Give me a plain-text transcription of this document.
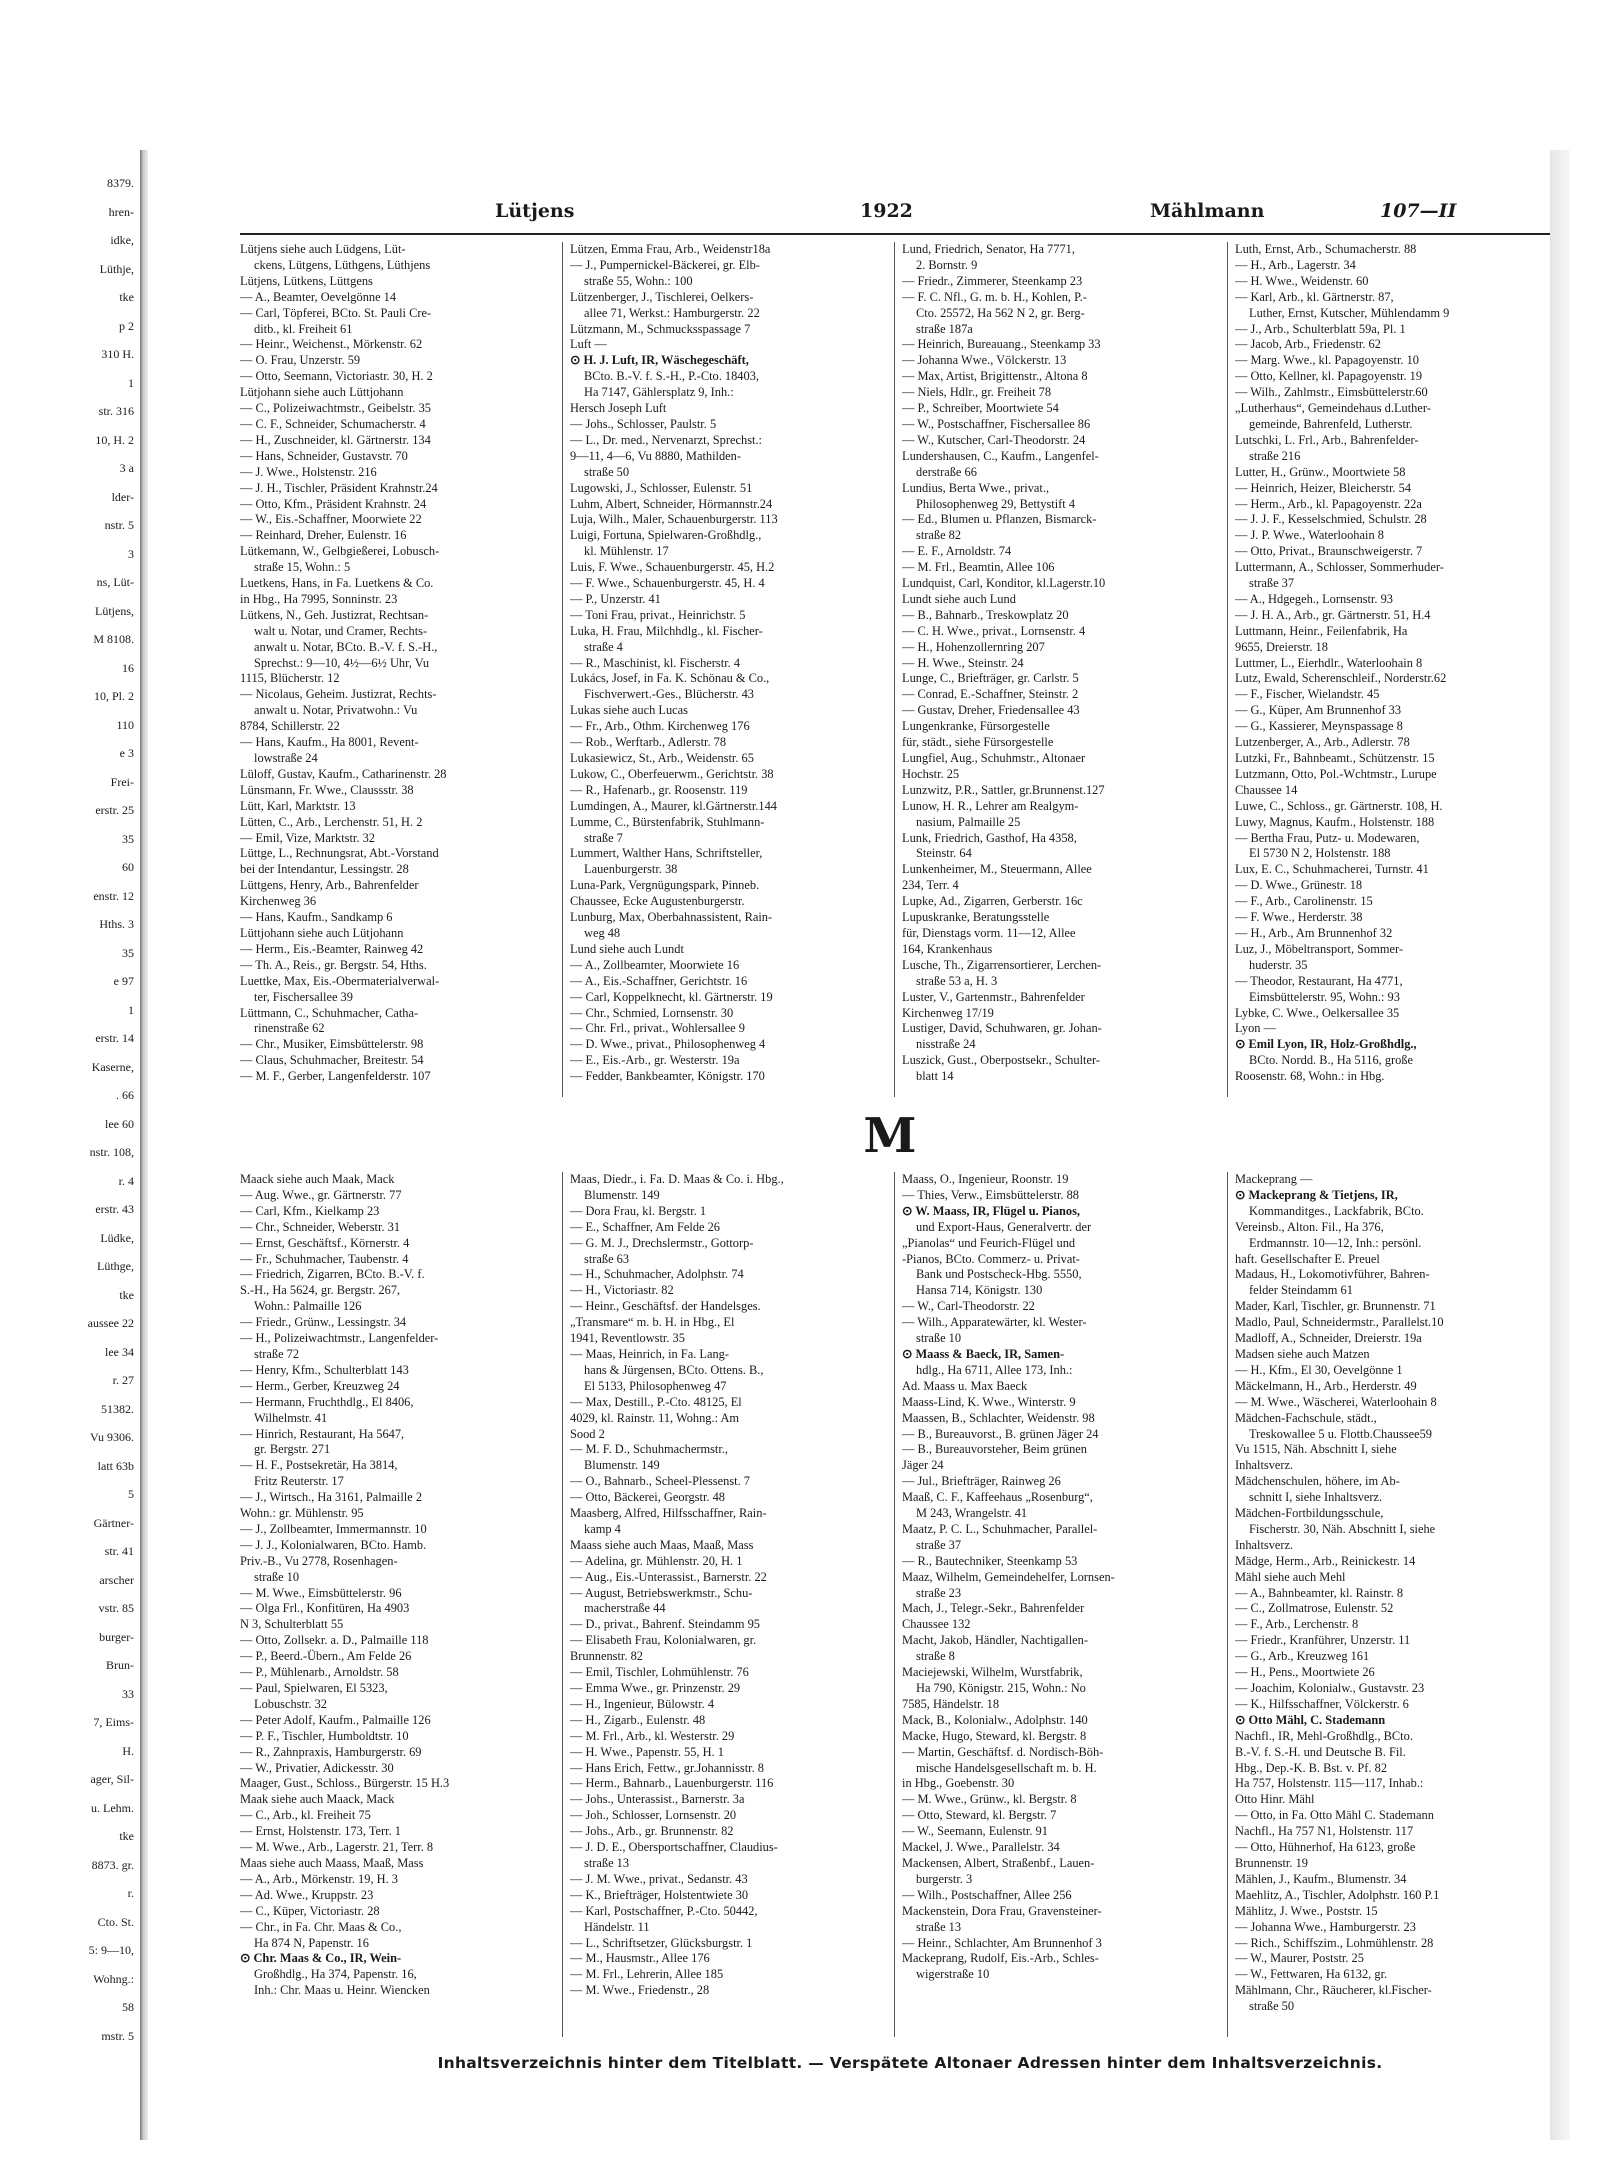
8379.
hren-
idke,
Lüthje,
tke
p 2
310 H.
1
str. 316
10, H. 2
3 a
lder-
nstr. 5
3
ns, Lüt-
Lütjens,
M 8108.
16
10, Pl. 2
110
e 3
Frei-
erstr. 25
35
60
enstr. 12
Hths. 3
35
e 97
1
erstr. 14
Kaserne,
. 66
lee 60
nstr. 108,
r. 4
erstr. 43
Lüdke,
Lüthge,
tke
aussee 22
lee 34
r. 27
51382.
Vu 9306.
latt 63b
5
Gärtner-
str. 41
arscher
vstr. 85
burger-
Brun-
33
7, Eims-
H.
ager, Sil-
u. Lehm.
tke
8873. gr.
r.
Cto. St.
5: 9—10,
Wohng.:
58
mstr. 5
Lütjens	1922	Mählmann	107—II
Lütjens siehe auch Lüdgens, Lüt-
ckens, Lütgens, Lüthgens, Lüthjens
Lütjens, Lütkens, Lüttgens
— A., Beamter, Oevelgönne 14
— Carl, Töpferei, BCto. St. Pauli Cre-
ditb., kl. Freiheit 61
— Heinr., Weichenst., Mörkenstr. 62
— O. Frau, Unzerstr. 59
— Otto, Seemann, Victoriastr. 30, H. 2
Lütjohann siehe auch Lüttjohann
— C., Polizeiwachtmstr., Geibelstr. 35
— C. F., Schneider, Schumacherstr. 4
— H., Zuschneider, kl. Gärtnerstr. 134
— Hans, Schneider, Gustavstr. 70
— J. Wwe., Holstenstr. 216
— J. H., Tischler, Präsident Krahnstr.24
— Otto, Kfm., Präsident Krahnstr. 24
— W., Eis.-Schaffner, Moorwiete 22
— Reinhard, Dreher, Eulenstr. 16
Lütkemann, W., Gelbgießerei, Lobusch-
straße 15, Wohn.: 5
Luetkens, Hans, in Fa. Luetkens & Co.
in Hbg., Ha 7995, Sonninstr. 23
Lütkens, N., Geh. Justizrat, Rechtsan-
walt u. Notar, und Cramer, Rechts-
anwalt u. Notar, BCto. B.-V. f. S.-H.,
Sprechst.: 9—10, 4½—6½ Uhr, Vu
1115, Blücherstr. 12
— Nicolaus, Geheim. Justizrat, Rechts-
anwalt u. Notar, Privatwohn.: Vu
8784, Schillerstr. 22
— Hans, Kaufm., Ha 8001, Revent-
lowstraße 24
Lüloff, Gustav, Kaufm., Catharinenstr. 28
Lünsmann, Fr. Wwe., Claussstr. 38
Lütt, Karl, Marktstr. 13
Lütten, C., Arb., Lerchenstr. 51, H. 2
— Emil, Vize, Marktstr. 32
Lüttge, L., Rechnungsrat, Abt.-Vorstand
bei der Intendantur, Lessingstr. 28
Lüttgens, Henry, Arb., Bahrenfelder
Kirchenweg 36
— Hans, Kaufm., Sandkamp 6
Lüttjohann siehe auch Lütjohann
— Herm., Eis.-Beamter, Rainweg 42
— Th. A., Reis., gr. Bergstr. 54, Hths.
Luettke, Max, Eis.-Obermaterialverwal-
ter, Fischersallee 39
Lüttmann, C., Schuhmacher, Catha-
rinenstraße 62
— Chr., Musiker, Eimsbüttelerstr. 98
— Claus, Schuhmacher, Breitestr. 54
— M. F., Gerber, Langenfelderstr. 107
Lützen, Emma Frau, Arb., Weidenstr18a
— J., Pumpernickel-Bäckerei, gr. Elb-
straße 55, Wohn.: 100
Lützenberger, J., Tischlerei, Oelkers-
allee 71, Werkst.: Hamburgerstr. 22
Lützmann, M., Schmucksspassage 7
Luft —
⊙ H. J. Luft, IR, Wäschegeschäft,
BCto. B.-V. f. S.-H., P.-Cto. 18403,
Ha 7147, Gählersplatz 9, Inh.:
Hersch Joseph Luft
— Johs., Schlosser, Paulstr. 5
— L., Dr. med., Nervenarzt, Sprechst.:
9—11, 4—6, Vu 8880, Mathilden-
straße 50
Lugowski, J., Schlosser, Eulenstr. 51
Luhm, Albert, Schneider, Hörmannstr.24
Luja, Wilh., Maler, Schauenburgerstr. 113
Luigi, Fortuna, Spielwaren-Großhdlg.,
kl. Mühlenstr. 17
Luis, F. Wwe., Schauenburgerstr. 45, H.2
— F. Wwe., Schauenburgerstr. 45, H. 4
— P., Unzerstr. 41
— Toni Frau, privat., Heinrichstr. 5
Luka, H. Frau, Milchhdlg., kl. Fischer-
straße 4
— R., Maschinist, kl. Fischerstr. 4
Lukács, Josef, in Fa. K. Schönau & Co.,
Fischverwert.-Ges., Blücherstr. 43
Lukas siehe auch Lucas
— Fr., Arb., Othm. Kirchenweg 176
— Rob., Werftarb., Adlerstr. 78
Lukasiewicz, St., Arb., Weidenstr. 65
Lukow, C., Oberfeuerwm., Gerichtstr. 38
— R., Hafenarb., gr. Roosenstr. 119
Lumdingen, A., Maurer, kl.Gärtnerstr.144
Lumme, C., Bürstenfabrik, Stuhlmann-
straße 7
Lummert, Walther Hans, Schriftsteller,
Lauenburgerstr. 38
Luna-Park, Vergnügungspark, Pinneb.
Chaussee, Ecke Augustenburgerstr.
Lunburg, Max, Oberbahnassistent, Rain-
weg 48
Lund siehe auch Lundt
— A., Zollbeamter, Moorwiete 16
— A., Eis.-Schaffner, Gerichtstr. 16
— Carl, Koppelknecht, kl. Gärtnerstr. 19
— Chr., Schmied, Lornsenstr. 30
— Chr. Frl., privat., Wohlersallee 9
— D. Wwe., privat., Philosophenweg 4
— E., Eis.-Arb., gr. Westerstr. 19a
— Fedder, Bankbeamter, Königstr. 170
Lund, Friedrich, Senator, Ha 7771,
2. Bornstr. 9
— Friedr., Zimmerer, Steenkamp 23
— F. C. Nfl., G. m. b. H., Kohlen, P.-
Cto. 25572, Ha 562 N 2, gr. Berg-
straße 187a
— Heinrich, Bureauang., Steenkamp 33
— Johanna Wwe., Völckerstr. 13
— Max, Artist, Brigittenstr., Altona 8
— Niels, Hdlr., gr. Freiheit 78
— P., Schreiber, Moortwiete 54
— W., Postschaffner, Fischersallee 86
— W., Kutscher, Carl-Theodorstr. 24
Lundershausen, C., Kaufm., Langenfel-
derstraße 66
Lundius, Berta Wwe., privat.,
Philosophenweg 29, Bettystift 4
— Ed., Blumen u. Pflanzen, Bismarck-
straße 82
— E. F., Arnoldstr. 74
— M. Frl., Beamtin, Allee 106
Lundquist, Carl, Konditor, kl.Lagerstr.10
Lundt siehe auch Lund
— B., Bahnarb., Treskowplatz 20
— C. H. Wwe., privat., Lornsenstr. 4
— H., Hohenzollernring 207
— H. Wwe., Steinstr. 24
Lunge, C., Briefträger, gr. Carlstr. 5
— Conrad, E.-Schaffner, Steinstr. 2
— Gustav, Dreher, Friedensallee 43
Lungenkranke, Fürsorgestelle
für, städt., siehe Fürsorgestelle
Lungfiel, Aug., Schuhmstr., Altonaer
Hochstr. 25
Lunzwitz, P.R., Sattler, gr.Brunnenst.127
Lunow, H. R., Lehrer am Realgym-
nasium, Palmaille 25
Lunk, Friedrich, Gasthof, Ha 4358,
Steinstr. 64
Lunkenheimer, M., Steuermann, Allee
234, Terr. 4
Lupke, Ad., Zigarren, Gerberstr. 16c
Lupuskranke, Beratungsstelle
für, Dienstags vorm. 11—12, Allee
164, Krankenhaus
Lusche, Th., Zigarrensortierer, Lerchen-
straße 53 a, H. 3
Luster, V., Gartenmstr., Bahrenfelder
Kirchenweg 17/19
Lustiger, David, Schuhwaren, gr. Johan-
nisstraße 24
Luszick, Gust., Oberpostsekr., Schulter-
blatt 14
Luth, Ernst, Arb., Schumacherstr. 88
— H., Arb., Lagerstr. 34
— H. Wwe., Weidenstr. 60
— Karl, Arb., kl. Gärtnerstr. 87,
Luther, Ernst, Kutscher, Mühlendamm 9
— J., Arb., Schulterblatt 59a, Pl. 1
— Jacob, Arb., Friedenstr. 62
— Marg. Wwe., kl. Papagoyenstr. 10
— Otto, Kellner, kl. Papagoyenstr. 19
— Wilh., Zahlmstr., Eimsbüttelerstr.60
„Lutherhaus“, Gemeindehaus d.Luther-
gemeinde, Bahrenfeld, Lutherstr.
Lutschki, L. Frl., Arb., Bahrenfelder-
straße 216
Lutter, H., Grünw., Moortwiete 58
— Heinrich, Heizer, Bleicherstr. 54
— Herm., Arb., kl. Papagoyenstr. 22a
— J. J. F., Kesselschmied, Schulstr. 28
— J. P. Wwe., Waterloohain 8
— Otto, Privat., Braunschweigerstr. 7
Luttermann, A., Schlosser, Sommerhuder-
straße 37
— A., Hdgegeh., Lornsenstr. 93
— J. H. A., Arb., gr. Gärtnerstr. 51, H.4
Luttmann, Heinr., Feilenfabrik, Ha
9655, Dreierstr. 18
Luttmer, L., Eierhdlr., Waterloohain 8
Lutz, Ewald, Scherenschleif., Norderstr.62
— F., Fischer, Wielandstr. 45
— G., Küper, Am Brunnenhof 33
— G., Kassierer, Meynspassage 8
Lutzenberger, A., Arb., Adlerstr. 78
Lutzki, Fr., Bahnbeamt., Schützenstr. 15
Lutzmann, Otto, Pol.-Wchtmstr., Lurupe
Chaussee 14
Luwe, C., Schloss., gr. Gärtnerstr. 108, H.
Luwy, Magnus, Kaufm., Holstenstr. 188
— Bertha Frau, Putz- u. Modewaren,
El 5730 N 2, Holstenstr. 188
Lux, E. C., Schuhmacherei, Turnstr. 41
— D. Wwe., Grünestr. 18
— F., Arb., Carolinenstr. 15
— F. Wwe., Herderstr. 38
— H., Arb., Am Brunnenhof 32
Luz, J., Möbeltransport, Sommer-
huderstr. 35
— Theodor, Restaurant, Ha 4771,
Eimsbüttelerstr. 95, Wohn.: 93
Lybke, C. Wwe., Oelkersallee 35
Lyon —
⊙ Emil Lyon, IR, Holz-Großhdlg.,
BCto. Nordd. B., Ha 5116, große
Roosenstr. 68, Wohn.: in Hbg.
M
Maack siehe auch Maak, Mack
— Aug. Wwe., gr. Gärtnerstr. 77
— Carl, Kfm., Kielkamp 23
— Chr., Schneider, Weberstr. 31
— Ernst, Geschäftsf., Körnerstr. 4
— Fr., Schuhmacher, Taubenstr. 4
— Friedrich, Zigarren, BCto. B.-V. f.
S.-H., Ha 5624, gr. Bergstr. 267,
Wohn.: Palmaille 126
— Friedr., Grünw., Lessingstr. 34
— H., Polizeiwachtmstr., Langenfelder-
straße 72
— Henry, Kfm., Schulterblatt 143
— Herm., Gerber, Kreuzweg 24
— Hermann, Fruchthdlg., El 8406,
Wilhelmstr. 41
— Hinrich, Restaurant, Ha 5647,
gr. Bergstr. 271
— H. F., Postsekretär, Ha 3814,
Fritz Reuterstr. 17
— J., Wirtsch., Ha 3161, Palmaille 2
Wohn.: gr. Mühlenstr. 95
— J., Zollbeamter, Immermannstr. 10
— J. J., Kolonialwaren, BCto. Hamb.
Priv.-B., Vu 2778, Rosenhagen-
straße 10
— M. Wwe., Eimsbüttelerstr. 96
— Olga Frl., Konfitüren, Ha 4903
N 3, Schulterblatt 55
— Otto, Zollsekr. a. D., Palmaille 118
— P., Beerd.-Übern., Am Felde 26
— P., Mühlenarb., Arnoldstr. 58
— Paul, Spielwaren, El 5323,
Lobuschstr. 32
— Peter Adolf, Kaufm., Palmaille 126
— P. F., Tischler, Humboldtstr. 10
— R., Zahnpraxis, Hamburgerstr. 69
— W., Privatier, Adickesstr. 30
Maager, Gust., Schloss., Bürgerstr. 15 H.3
Maak siehe auch Maack, Mack
— C., Arb., kl. Freiheit 75
— Ernst, Holstenstr. 173, Terr. 1
— M. Wwe., Arb., Lagerstr. 21, Terr. 8
Maas siehe auch Maass, Maaß, Mass
— A., Arb., Mörkenstr. 19, H. 3
— Ad. Wwe., Kruppstr. 23
— C., Küper, Victoriastr. 28
— Chr., in Fa. Chr. Maas & Co.,
Ha 874 N, Papenstr. 16
⊙ Chr. Maas & Co., IR, Wein-
Großhdlg., Ha 374, Papenstr. 16,
Inh.: Chr. Maas u. Heinr. Wiencken
Maas, Diedr., i. Fa. D. Maas & Co. i. Hbg.,
Blumenstr. 149
— Dora Frau, kl. Bergstr. 1
— E., Schaffner, Am Felde 26
— G. M. J., Drechslermstr., Gottorp-
straße 63
— H., Schuhmacher, Adolphstr. 74
— H., Victoriastr. 82
— Heinr., Geschäftsf. der Handelsges.
„Transmare“ m. b. H. in Hbg., El
1941, Reventlowstr. 35
— Maas, Heinrich, in Fa. Lang-
hans & Jürgensen, BCto. Ottens. B.,
El 5133, Philosophenweg 47
— Max, Destill., P.-Cto. 48125, El
4029, kl. Rainstr. 11, Wohng.: Am
Sood 2
— M. F. D., Schuhmachermstr.,
Blumenstr. 149
— O., Bahnarb., Scheel-Plessenst. 7
— Otto, Bäckerei, Georgstr. 48
Maasberg, Alfred, Hilfsschaffner, Rain-
kamp 4
Maass siehe auch Maas, Maaß, Mass
— Adelina, gr. Mühlenstr. 20, H. 1
— Aug., Eis.-Unterassist., Barnerstr. 22
— August, Betriebswerkmstr., Schu-
macherstraße 44
— D., privat., Bahrenf. Steindamm 95
— Elisabeth Frau, Kolonialwaren, gr.
Brunnenstr. 82
— Emil, Tischler, Lohmühlenstr. 76
— Emma Wwe., gr. Prinzenstr. 29
— H., Ingenieur, Bülowstr. 4
— H., Zigarb., Eulenstr. 48
— M. Frl., Arb., kl. Westerstr. 29
— H. Wwe., Papenstr. 55, H. 1
— Hans Erich, Fettw., gr.Johannisstr. 8
— Herm., Bahnarb., Lauenburgerstr. 116
— Johs., Unterassist., Barnerstr. 3a
— Joh., Schlosser, Lornsenstr. 20
— Johs., Arb., gr. Brunnenstr. 82
— J. D. E., Obersportschaffner, Claudius-
straße 13
— J. M. Wwe., privat., Sedanstr. 43
— K., Briefträger, Holstentwiete 30
— Karl, Postschaffner, P.-Cto. 50442,
Händelstr. 11
— L., Schriftsetzer, Glücksburgstr. 1
— M., Hausmstr., Allee 176
— M. Frl., Lehrerin, Allee 185
— M. Wwe., Friedenstr., 28
Maass, O., Ingenieur, Roonstr. 19
— Thies, Verw., Eimsbüttelerstr. 88
⊙ W. Maass, IR, Flügel u. Pianos,
und Export-Haus, Generalvertr. der
„Pianolas“ und Feurich-Flügel und
-Pianos, BCto. Commerz- u. Privat-
Bank und Postscheck-Hbg. 5550,
Hansa 714, Königstr. 130
— W., Carl-Theodorstr. 22
— Wilh., Apparatewärter, kl. Wester-
straße 10
⊙ Maass & Baeck, IR, Samen-
hdlg., Ha 6711, Allee 173, Inh.:
Ad. Maass u. Max Baeck
Maass-Lind, K. Wwe., Winterstr. 9
Maassen, B., Schlachter, Weidenstr. 98
— B., Bureauvorst., B. grünen Jäger 24
— B., Bureauvorsteher, Beim grünen
Jäger 24
— Jul., Briefträger, Rainweg 26
Maaß, C. F., Kaffeehaus „Rosenburg“,
M 243, Wrangelstr. 41
Maatz, P. C. L., Schuhmacher, Parallel-
straße 37
— R., Bautechniker, Steenkamp 53
Maaz, Wilhelm, Gemeindehelfer, Lornsen-
straße 23
Mach, J., Telegr.-Sekr., Bahrenfelder
Chaussee 132
Macht, Jakob, Händler, Nachtigallen-
straße 8
Maciejewski, Wilhelm, Wurstfabrik,
Ha 790, Königstr. 215, Wohn.: No
7585, Händelstr. 18
Mack, B., Kolonialw., Adolphstr. 140
Macke, Hugo, Steward, kl. Bergstr. 8
— Martin, Geschäftsf. d. Nordisch-Böh-
mische Handelsgesellschaft m. b. H.
in Hbg., Goebenstr. 30
— M. Wwe., Grünw., kl. Bergstr. 8
— Otto, Steward, kl. Bergstr. 7
— W., Seemann, Eulenstr. 91
Mackel, J. Wwe., Parallelstr. 34
Mackensen, Albert, Straßenbf., Lauen-
burgerstr. 3
— Wilh., Postschaffner, Allee 256
Mackenstein, Dora Frau, Gravensteiner-
straße 13
— Heinr., Schlachter, Am Brunnenhof 3
Mackeprang, Rudolf, Eis.-Arb., Schles-
wigerstraße 10
Mackeprang —
⊙ Mackeprang & Tietjens, IR,
Kommanditges., Lackfabrik, BCto.
Vereinsb., Alton. Fil., Ha 376,
Erdmannstr. 10—12, Inh.: persönl.
haft. Gesellschafter E. Preuel
Madaus, H., Lokomotivführer, Bahren-
felder Steindamm 61
Mader, Karl, Tischler, gr. Brunnenstr. 71
Madlo, Paul, Schneidermstr., Parallelst.10
Madloff, A., Schneider, Dreierstr. 19a
Madsen siehe auch Matzen
— H., Kfm., El 30, Oevelgönne 1
Mäckelmann, H., Arb., Herderstr. 49
— M. Wwe., Wäscherei, Waterloohain 8
Mädchen-Fachschule, städt.,
Treskowallee 5 u. Flottb.Chaussee59
Vu 1515, Näh. Abschnitt I, siehe
Inhaltsverz.
Mädchenschulen, höhere, im Ab-
schnitt I, siehe Inhaltsverz.
Mädchen-Fortbildungsschule,
Fischerstr. 30, Näh. Abschnitt I, siehe
Inhaltsverz.
Mädge, Herm., Arb., Reinickestr. 14
Mähl siehe auch Mehl
— A., Bahnbeamter, kl. Rainstr. 8
— C., Zollmatrose, Eulenstr. 52
— F., Arb., Lerchenstr. 8
— Friedr., Kranführer, Unzerstr. 11
— G., Arb., Kreuzweg 161
— H., Pens., Moortwiete 26
— Joachim, Kolonialw., Gustavstr. 23
— K., Hilfsschaffner, Völckerstr. 6
⊙ Otto Mähl, C. Stademann
Nachfl., IR, Mehl-Großhdlg., BCto.
B.-V. f. S.-H. und Deutsche B. Fil.
Hbg., Dep.-K. B. Bst. v. Pf. 82
Ha 757, Holstenstr. 115—117, Inhab.:
Otto Hinr. Mähl
— Otto, in Fa. Otto Mähl C. Stademann
Nachfl., Ha 757 N1, Holstenstr. 117
— Otto, Hühnerhof, Ha 6123, große
Brunnenstr. 19
Mählen, J., Kaufm., Blumenstr. 34
Maehlitz, A., Tischler, Adolphstr. 160 P.1
Mählitz, J. Wwe., Poststr. 15
— Johanna Wwe., Hamburgerstr. 23
— Rich., Schiffszim., Lohmühlenstr. 28
— W., Maurer, Poststr. 25
— W., Fettwaren, Ha 6132, gr.
Mählmann, Chr., Räucherer, kl.Fischer-
straße 50
Inhaltsverzeichnis hinter dem Titelblatt. — Verspätete Altonaer Adressen hinter dem Inhaltsverzeichnis.
